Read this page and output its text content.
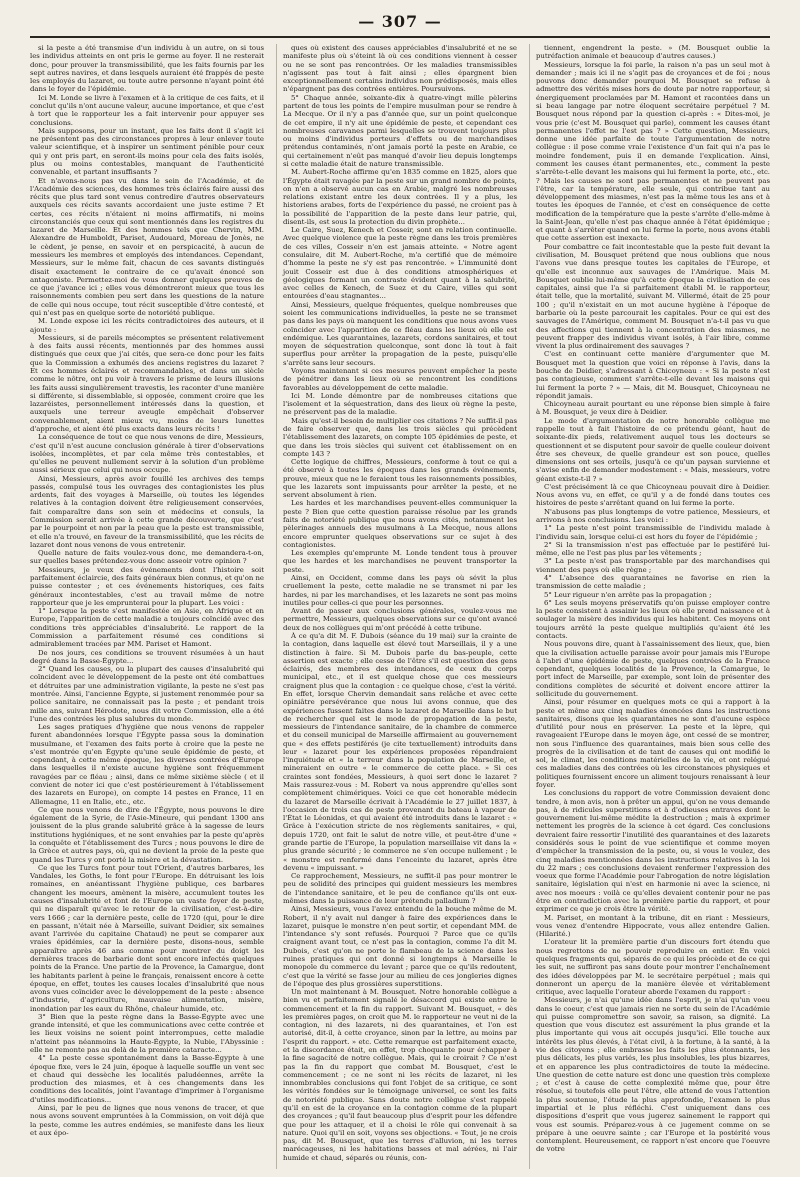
— 307 —

si la peste a été transmise d'un individu à un autre, on si tous les individus atteints en ont pris le germe au foyer. Il ne resterait donc, pour prouver la transmissibilité, que les faits fournis par les sept autres navires, et dans lesquels auraient été frappés de peste les employés du lazaret, ou toute autre personne n'ayant point été dans le foyer de l'épidémie.

Ici M. Londe se livre à l'examen et à la critique de ces faits, et il conclut qu'ils n'ont aucune valeur, aucune importance, et que c'est à tort que le rapporteur les a fait intervenir pour appuyer ses conclusions.

Mais supposons, pour un instant, que les faits dont il s'agit ici ne présentent pas des circonstances propres à leur enlever toute valeur scientifique, et à inspirer un sentiment pénible pour ceux qui y ont pris part, en seront-ils moins pour cela des faits isolés, plus ou moins contestables, manquant de l'authenticité convenable, et partant insuffisants ?

Et n'avons-nous pas vu dans le sein de l'Académie, et de l'Académie des sciences, des hommes très éclairés faire aussi des récits que plus tard sont venus contredire d'autres observateurs auxquels ces récits savants accordaient une juste estime ? Et certes, ces récits n'étaient ni moins affirmatifs, ni moins circonstanciés que ceux qui sont mentionnés dans les registres du lazaret de Marseille. Et des hommes tels que Chervin, MM. Alexandre de Humboldt, Pariset, Audouard, Moreau de Jonès, ne le cèdent, je pense, en savoir et en perspicacité, à aucun de messieurs les membres et employés des intendances. Cependant, Messieurs, sur le même fait, chacun de ces savants distingués disait exactement le contraire de ce qu'avait énoncé son antagoniste. Permettez-moi de vous donner quelques preuves de ce que j'avance ici ; elles vous démontreront mieux que tous les raisonnements combien peu sert dans les questions de la nature de celle qui nous occupe, tout récit susceptible d'être contesté, et qui n'est pas en quelque sorte de notoriété publique.

M. Londe expose ici les récits contradictoires des auteurs, et il ajoute :

Messieurs, si de pareils mécomptes se présentent relativement à des faits aussi récents, mentionnés par des hommes aussi distingués que ceux que j'ai cités, que sera-ce donc pour les faits que la Commission a exhumés des anciens registres du lazaret ? Et ces hommes éclairés et recommandables, et dans un siècle comme le nôtre, ont pu voir à travers le prisme de leurs illusions les faits aussi singulièrement travestis, les raconter d'une manière si différente, si dissemblable, si opposée, comment croire que les lazaréistes, personnellement intéressés dans la question, et auxquels une terreur aveugle empêchait d'observer convenablement, aient mieux vu, moins de leurs lunettes d'approche, et aient été plus exacts dans leurs récits !

La conséquence de tout ce que nous venons de dire, Messieurs, c'est qu'il n'est aucune conclusion générale à tirer d'observations isolées, incomplètes, et par cela même très contestables, et qu'elles ne peuvent nullement servir à la solution d'un problème aussi sérieux que celui qui nous occupe.

Ainsi, Messieurs, après avoir fouillé les archives des temps passés, compulsé tous les ouvrages des contagionistes les plus ardents, fait des voyages à Marseille, où toutes les légendes relatives à la contagion doivent être religieusement conservées, fait comparaître dans son sein et médecins et consuls, la Commission serait arrivée à cette grande découverte, que c'est par le pourpoint et non par la peau que la peste est transmissible, et elle n'a trouvé, en faveur de la transmissibilité, que les récits de lazaret dont nous venons de vous entretenir.

Quelle nature de faits voulez-vous donc, me demandera-t-on, sur quelles bases prétendez-vous donc asseoir votre opinion ?

Messieurs, je veux des événements dont l'histoire soit parfaitement éclaircie, des faits généraux bien connus, et qu'on ne puisse contester ; et ces événements historiques, ces faits généraux incontestables, c'est au travail même de notre rapporteur que je les emprunterai pour la plupart. Les voici :

1° Lorsque la peste s'est manifestée en Asie, en Afrique et en Europe, l'apparition de cette maladie a toujours coïncidé avec des conditions très appréciables d'insalubrité. Le rapport de la Commission a parfaitement résumé ces conditions si admirablement tracées par MM. Pariset et Hamont.

De nos jours, ces conditions se trouvent résumées à un haut degré dans la Basse-Égypte...

2° Quand les causes, ou la plupart des causes d'insalubrité qui coïncident avec le développement de la peste ont été combattues et détruites par une administration vigilante, la peste ne s'est pas montrée. Ainsi, l'ancienne Égypte, si justement renommée pour sa police sanitaire, ne connaissait pas la peste ; et pendant trois mille ans, suivant Hérodote, nous dit votre Commission, elle a été l'une des contrées les plus salubres du monde.

Les sages pratiques d'hygiène que nous venons de rappeler furent abandonnées lorsque l'Égypte passa sous la domination musulmane, et l'examen des faits porte à croire que la peste ne s'est montrée qu'en Égypte qu'une seule épidémie de peste, et cependant, à cette même époque, les diverses contrées d'Europe dans lesquelles il n'existe aucune hygiène sont fréquemment ravagées par ce fléau ; ainsi, dans ce même sixième siècle ( et il convient de noter ici que c'est postérieurement à l'établissement des lazarets en Europe), on compte 14 pestes en France, 11 en Allemagne, 11 en Italie, etc., etc.

Ce que nous venons de dire de l'Égypte, nous pouvons le dire également de la Syrie, de l'Asie-Mineure, qui pendant 1300 ans jouissent de la plus grande salubrité grâce à la sagesse de leurs institutions hygiéniques, et ne sont envahies par la peste qu'après la conquête et l'établissement des Turcs ; nous pouvons le dire de la Grèce et autres pays, où, qui ne devient la proie de la peste que quand les Turcs y ont porté la misère et la dévastation.

Ce que les Turcs font pour tout l'Orient, d'autres barbares, les Vandales, les Goths, le font pour l'Europe. En détruisant les lois romaines, en anéantissant l'hygiène publique, ces barbares changent les moeurs, amènent la misère, accumulent toutes les causes d'insalubrité et font de l'Europe un vaste foyer de peste, qui ne disparaît qu'avec le retour de la civilisation, c'est-à-dire vers 1666 ; car la dernière peste, celle de 1720 (qui, pour le dire en passant, n'était née à Marseille, suivant Deidier, six semaines avant l'arrivée du capitaine Chataud) ne peut se comparer aux vraies épidémies, car la dernière peste, disons-nous, semble apparaître après 46 ans comme pour montrer du doigt les dernières traces de barbarie dont sont encore infectés quelques points de la France. Une partie de la Provence, la Camargue, dont les habitants parlent à peine le français, renaissent encore à cette époque, en effet, toutes les causes locales d'insalubrité que nous avons vues coïncider avec le développement de la peste : absence d'industrie, d'agriculture, mauvaise alimentation, misère, inondation par les eaux du Rhône, chaleur humide, etc.

3° Bien que la peste règne dans la Basse-Égypte avec une grande intensité, et que les communications avec cette contrée et les lieux voisins ne soient point interrompues, cette maladie n'atteint pas néanmoins la Haute-Égypte, la Nubie, l'Abyssinie : elle ne remonte pas au delà de la première cataracte...

4° La peste cesse spontanément dans la Basse-Égypte à une époque fixe, vers le 24 juin, époque à laquelle souffle un vent sec et chaud qui dessèche les localités paludéennes, arrête la production des miasmes, et à ces changements dans les conditions des localités, joint l'avantage d'imprimer à l'organisme d'utiles modifications...

Ainsi, par le peu de lignes que nous venons de tracer, et que nous avons souvent empruntées à la Commission, on voit déjà que la peste, comme les autres endémies, se manifeste dans les lieux et aux épo-

ques où existent des causes appréciables d'insalubrité et ne se manifeste plus où s'éteint là où ces conditions viennent à cesser ou ne se sont pas rencontrées. Or les maladies transmissibles n'agissent pas tout à fait ainsi ; elles épargnent bien exceptionnellement certains individus non prédisposés, mais elles n'épargnent pas des contrées entières. Poursuivons.

5° Chaque année, soixante-dix à quatre-vingt mille pèlerins partent de tous les points de l'empire musulman pour se rendre à La Mecque. Or il n'y a pas d'année que, sur un point quelconque de cet empire, il n'y ait une épidémie de peste, et cependant ces nombreuses caravanes parmi lesquelles se trouvent toujours plus ou moins d'individus porteurs d'effets ou de marchandises prétendus contaminés, n'ont jamais porté la peste en Arabie, ce qui certainement n'eût pas manqué d'avoir lieu depuis longtemps si cette maladie était de nature transmissible.

M. Aubert-Roche affirme qu'en 1835 comme en 1825, alors que l'Égypte était ravagée par la peste sur un grand nombre de points, on n'en a observé aucun cas en Arabie, malgré les nombreuses relations existant entre les deux contrées. Il y a plus, les historiens arabes, forts de l'expérience du passé, ne croient pas à la possibilité de l'apparition de la peste dans leur patrie, qui, disent-ils, est sous la protection du divin prophète...

Le Caire, Suez, Kenech et Cosseir, sont en relation continuelle. Avec quelque violence que la peste règne dans les trois premières de ces villes, Cosseir n'en est jamais atteinte. « Notre agent consulaire, dit M. Aubert-Roche, m'a certifié que de mémoire d'homme la peste ne s'y est pas rencontrée. » L'immunité dont jouit Cosseir est due à des conditions atmosphériques et géologiques formant un contraste évident quant à la salubrité, avec celles de Kenech, de Suez et du Caire, villes qui sont entourées d'eau stagnantes...

Ainsi, Messieurs, quelque fréquentes, quelque nombreuses que soient les communications individuelles, la peste ne se transmet pas dans les pays où manquent les conditions que nous avons vues coïncider avec l'apparition de ce fléau dans les lieux où elle est endémique. Les quarantaines, lazarets, cordons sanitaires, et tout moyen de séquestration quelconque, sont donc là tout à fait superflus pour arrêter la propagation de la peste, puisqu'elle s'arrête sans leur secours.

Voyons maintenant si ces mesures peuvent empêcher la peste de pénétrer dans les lieux où se rencontrent les conditions favorables au développement de cette maladie.

Ici M. Londe démontre par de nombreuses citations que l'isolement et la séquestration, dans des lieux où règne la peste, ne préservent pas de la maladie.

Mais qu'est-il besoin de multiplier ces citations ? Ne suffit-il pas de faire observer que, dans les trois siècles qui précèdent l'établissement des lazarets, on compte 105 épidémies de peste, et que dans les trois siècles qui suivent cet établissement on en compte 143 ?

Cette logique de chiffres, Messieurs, conforme à tout ce qui a été observé à toutes les époques dans les grands événements, prouve, mieux que ne le feraient tous les raisonnements possibles, que les lazarets sont impuissants pour arrêter la peste, et ne servent absolument à rien.

Les hardes et les marchandises peuvent-elles communiquer la peste ? Bien que cette question paraisse résolue par les grands faits de notoriété publique que nous avons cités, notamment les pèlerinages annuels des musulmans à La Mecque, nous allons encore emprunter quelques observations sur ce sujet à des contagionistes.

Les exemples qu'emprunte M. Londe tendent tous à prouver que les hardes et les marchandises ne peuvent transporter la peste.

Ainsi, en Occident, comme dans les pays où sévit la plus cruellement la peste, cette maladie ne se transmet ni par les hardes, ni par les marchandises, et les lazarets ne sont pas moins inutiles pour celles-ci que pour les personnes.

Avant de passer aux conclusions générales, voulez-vous me permettre, Messieurs, quelques observations sur ce qu'ont avancé deux de nos collègues qui m'ont précédé à cette tribune.

À ce qu'a dit M. F. Dubois (séance du 19 mai) sur la crainte de la contagion, dans laquelle est élevé tout Marseillais, il y a une distinction à faire. Si M. Dubois parle du bas-peuple, cette assertion est exacte ; elle cesse de l'être s'il est question des gens éclairés, des membres des intendances, de ceux du corps municipal, etc., et il est quelque chose que ces messieurs craignent plus que la contagion : ce quelque chose, c'est la vérité. En effet, lorsque Chervin demandait sans relâche et avec cette opiniâtre persévérance que nous lui avons connue, que des expériences fussent faites dans le lazaret de Marseille dans le but de rechercher quel est le mode de propagation de la peste, messieurs de l'intendance sanitaire, de la chambre de commerce et du conseil municipal de Marseille affirmaient au gouvernement que « des effets pestiférés (je cite textuellement) introduits dans leur « lazaret pour les expériences proposées répandraient l'inquiétude et « la terreur dans la population de Marseille, et mineraient en outre « le commerce de cette place. » Si ces craintes sont fondées, Messieurs, à quoi sert donc le lazaret ? Mais rassurez-vous : M. Robert va nous apprendre qu'elles sont complètement chimériques. Voici ce que cet honorable médecin du lazaret de Marseille écrivait à l'Académie le 27 juillet 1837, à l'occasion de trois cas de peste provenant du bateau à vapeur de l'État le Léonidas, et qui avaient été introduits dans le lazaret : « Grâce à l'exécution stricte de nos règlements sanitaires, « qui, depuis 1720, ont fait le salut de notre ville, et peut-être d'une « grande partie de l'Europe, la population marseillaise vit dans la « plus grande sécurité ; le commerce ne s'en occupe nullement ; le « monstre est renfermé dans l'enceinte du lazaret, après être devenu « impuissant. »

Ce rapprochement, Messieurs, ne suffit-il pas pour montrer le peu de solidité des principes qui guident messieurs les membres de l'intendance sanitaire, et le peu de confiance qu'ils ont eux-mêmes dans la puissance de leur prétendu palladium ?

Ainsi, Messieurs, vous l'avez entendu de la bouche même de M. Robert, il n'y avait nul danger à faire des expériences dans le lazaret, puisque le monstre n'en peut sortir, et cependant MM. de l'intendance s'y sont refusés. Pourquoi ? Parce que ce qu'ils craignent avant tout, ce n'est pas la contagion, comme l'a dit M. Dubois, c'est qu'on ne porte le flambeau de la science dans les ruines pratiques qui ont donné si longtemps à Marseille le monopole du commerce du levant ; parce que ce qu'ils redoutent, c'est que la vérité se fasse jour au milieu de ces jongleries dignes de l'époque des plus grossières superstitions.

Un mot maintenant à M. Bousquet. Notre honorable collègue a bien vu et parfaitement signalé le désaccord qui existe entre le commencement et la fin du rapport. Suivant M. Bousquet, « dès les premières pages, on croit que M. le rapporteur ne veut ni de la contagion, ni des lazarets, ni des quarantaines, et l'on est autorisé, dit-il, à cette croyance, sinon par la lettre, au moins par l'esprit du rapport. » etc. Cette remarque est parfaitement exacte, et la discordance était, en effet, trop choquante pour échapper à la fine sagacité de notre collègue. Mais, qui le croirait ? Ce n'est pas la fin du rapport que combat M. Bousquet, c'est le commencement ; ce ne sont ni les récits de lazaret, ni les innombrables conclusions qui font l'objet de sa critique, ce sont les vérités fondées sur le témoignage universel, ce sont les faits de notoriété publique. Sans doute notre collègue s'est rappelé qu'il en est de la croyance en la contagion comme de la plupart des croyances ; qu'il faut beaucoup plus d'esprit pour les défendre que pour les attaquer, et il a choisi le rôle qui convenait à sa nature. Quoi qu'il en soit, voyons ses objections. « Tout, je ne crois pas, dit M. Bousquet, que les terres d'alluvion, ni les terres marécageuses, ni les habitations basses et mal aérées, ni l'air humide et chaud, séparés ou réunis, con-

tiennent, engendrent la peste. » (M. Bousquet oublie la putréfaction animale et beaucoup d'autres causes.)

Messieurs, lorsque la foi parle, la raison n'a pas un seul mot à demander ; mais ici il ne s'agit pas de croyances et de foi ; nous pouvons donc demander pourquoi M. Bousquet se refuse à admettre des vérités mises hors de doute par notre rapporteur, si énergiquement proclamées par M. Hamont et racontées dans un si beau langage par notre éloquent secrétaire perpétuel ? M. Bousquet nous répond par la question ci-après : « Dites-moi, je vous prie (c'est M. Bousquet qui parle), comment les causes étant permanentes l'effet ne l'est pas ? » Cette question, Messieurs, donne une idée parfaite de toute l'argumentation de notre collègue : il pose comme vraie l'existence d'un fait qui n'a pas le moindre fondement, puis il en demande l'explication. Ainsi, comment les causes étant permanentes, etc., comment la peste s'arrête-t-elle devant les maisons qui lui ferment la porte, etc., etc. ? Mais les causes ne sont pas permanentes et ne peuvent pas l'être, car la température, elle seule, qui contribue tant au développement des miasmes, n'est pas la même tous les ans et à toutes les époques de l'année, et c'est en conséquence de cette modification de la température que la peste s'arrête d'elle-même à la Saint-Jean, qu'elle n'est pas chaque année à l'état épidémique ; et quant à s'arrêter quand on lui ferme la porte, nous avons établi que cette assertion est inexacte.

Pour combattre ce fait incontestable que la peste fuit devant la civilisation, M. Bousquet prétend que nous oublions que nous l'avons vue dans presque toutes les capitales de l'Europe, et qu'elle est inconnue aux sauvages de l'Amérique. Mais M. Bousquet oublie lui-même qu'à cette époque la civilisation de ces capitales, ainsi que l'a si parfaitement établi M. le rapporteur, était telle, que la mortalité, suivant M. Villermé, était de 25 pour 100 ; qu'il n'existait en un mot aucune hygiène à l'époque de barbarie où la peste parcourait les capitales. Pour ce qui est des sauvages de l'Amérique, comment M. Bousquet n'a-t-il pas vu que des affections qui tiennent à la concentration des miasmes, ne peuvent frapper des individus vivant isolés, à l'air libre, comme vivent la plus ordinairement des sauvages ?

C'est en continuant cette manière d'argumenter que M. Bousquet met la question que voici en réponse à l'avis, dans la bouche de Deidier, s'adressant à Chicoyneau : « Si la peste n'est pas contagieuse, comment s'arrête-t-elle devant les maisons qui lui ferment la porte ? » — Mais, dit M. Bousquet, Chicoyneau ne répondit jamais.

Chicoyneau aurait pourtant eu une réponse bien simple à faire à M. Bousquet, je veux dire à Deidier.

Le mode d'argumentation de notre honorable collègue me rappelle tout à fait l'histoire de ce prétendu géant, haut de soixante-dix pieds, relativement auquel tous les docteurs se questionnent et se disputent pour savoir de quelle couleur doivent être ses cheveux, de quelle grandeur est son pouce, quelles dimensions ont ses orteils, jusqu'à ce qu'un paysan survienne et s'avise enfin de demander modestement : « Mais, messieurs, votre géant existe-t-il ? »

C'est précisément là ce que Chicoyneau pouvait dire à Deidier. Nous avons vu, en effet, ce qu'il y a de fondé dans toutes ces histoires de peste s'arrêtant quand on lui ferme la porte.

N'abusons pas plus longtemps de votre patience, Messieurs, et arrivons à nos conclusions. Les voici :

1° La peste n'est point transmissible de l'individu malade à l'individu sain, lorsque celui-ci est hors du foyer de l'épidémie ;

2° Si la transmission n'est pas effectuée par le pestiféré lui-même, elle ne l'est pas plus par les vêtements ;

3° La peste n'est pas transportable par des marchandises qui viennent des pays où elle règne ;

4° L'absence des quarantaines ne favorise en rien la transmission de cette maladie ;

5° Leur rigueur n'en arrête pas la propagation ;

6° Les seuls moyens préservatifs qu'on puisse employer contre la peste consistent à assainir les lieux où elle prend naissance et à soulager la misère des individus qui les habitent. Ces moyens ont toujours arrêté la peste quelque multipliés qu'aient été les contacts.

Nous pouvons dire, quant à l'assainissement des lieux, que, bien que la civilisation actuelle paraisse avoir pour jamais mis l'Europe à l'abri d'une épidémie de peste, quelques contrées de la France cependant, quelques localités de la Provence, la Camargue, le port infect de Marseille, par exemple, sont loin de présenter des conditions complètes de sécurité et doivent encore attirer la sollicitude du gouvernement.

Ainsi, pour résumer en quelques mots ce qui a rapport à la peste et même aux cinq maladies énoncées dans les instructions sanitaires, disons que les quarantaines ne sont d'aucune espèce d'utilité pour nous en préserver. La peste et la lèpre, qui ravageaient l'Europe dans le moyen âge, ont cessé de se montrer, non sous l'influence des quarantaines, mais bien sous celle des progrès de la civilisation et de tant de causes qui ont modifié le sol, le climat, les conditions matérielles de la vie, et ont relégué ces maladies dans des contrées où les circonstances physiques et politiques fournissent encore un aliment toujours renaissant à leur foyer.

Les conclusions du rapport de votre Commission devaient donc tendre, à mon avis, non à prêter un appui, qu'on ne vous demande pas, à de ridicules superstitions et à d'odieuses entraves dont le gouvernement lui-même médite la destruction ; mais à exprimer nettement les progrès de la science à cet égard. Ces conclusions devraient faire ressortir l'inutilité des quarantaines et des lazarets considérés sous le point de vue scientifique et comme moyen d'empêcher la transmission de la peste, ou, si vous le voulez, des cinq maladies mentionnées dans les instructions relatives à la loi du 22 mars ; ces conclusions devaient renfermer l'expression des voeux que forme l'Académie pour l'abrogation de notre législation sanitaire, législation qui n'est en harmonie ni avec la science, ni avec nos moeurs : voilà ce qu'elles devaient contenir pour ne pas être en contradiction avec la première partie du rapport, et pour exprimer ce que je crois être la vérité.

M. Pariset, en montant à la tribune, dit en riant : Messieurs, vous venez d'entendre Hippocrate, vous allez entendre Galien. (Hilarité.)

L'orateur lit la première partie d'un discours fort étendu que nous regrettons de ne pouvoir reproduire en entier. En voici quelques fragments qui, séparés de ce qui les précède et de ce qui les suit, ne suffiront pas sans doute pour montrer l'enchaînement des idées développées par M. le secrétaire perpétuel ; mais qui donneront un aperçu de la manière élevée et véritablement critique, avec laquelle l'orateur aborde l'examen du rapport :

Messieurs, je n'ai qu'une idée dans l'esprit, je n'ai qu'un voeu dans le coeur, c'est que jamais rien ne sorte du sein de l'Académie qui puisse compromettre son savoir, sa raison, sa dignité. La question que vous discutez est assurément la plus grande et la plus importante qui vous ait occupés jusqu'ici. Elle touche aux intérêts les plus élevés, à l'état civil, à la fortune, à la santé, à la vie des citoyens ; elle embrasse les faits les plus étonnants, les plus délicats, les plus variés, les plus insolubles, les plus bizarres, et en apparence les plus contradictoires de toute la médecine. Une question de cette nature est donc une question très complexe ; et c'est à cause de cette complexité même que, pour être résolue, si toutefois elle peut l'être, elle attend de vous l'attention la plus soutenue, l'étude la plus approfondie, l'examen le plus impartial et le plus réfléchi. C'est uniquement dans ces dispositions d'esprit que vous jugerez sainement le rapport qui vous est soumis. Préparez-vous à ce jugement comme on se prépare à une oeuvre sainte ; car l'Europe et la postérité vous contemplent. Heureusement, ce rapport n'est encore que l'oeuvre de votre
